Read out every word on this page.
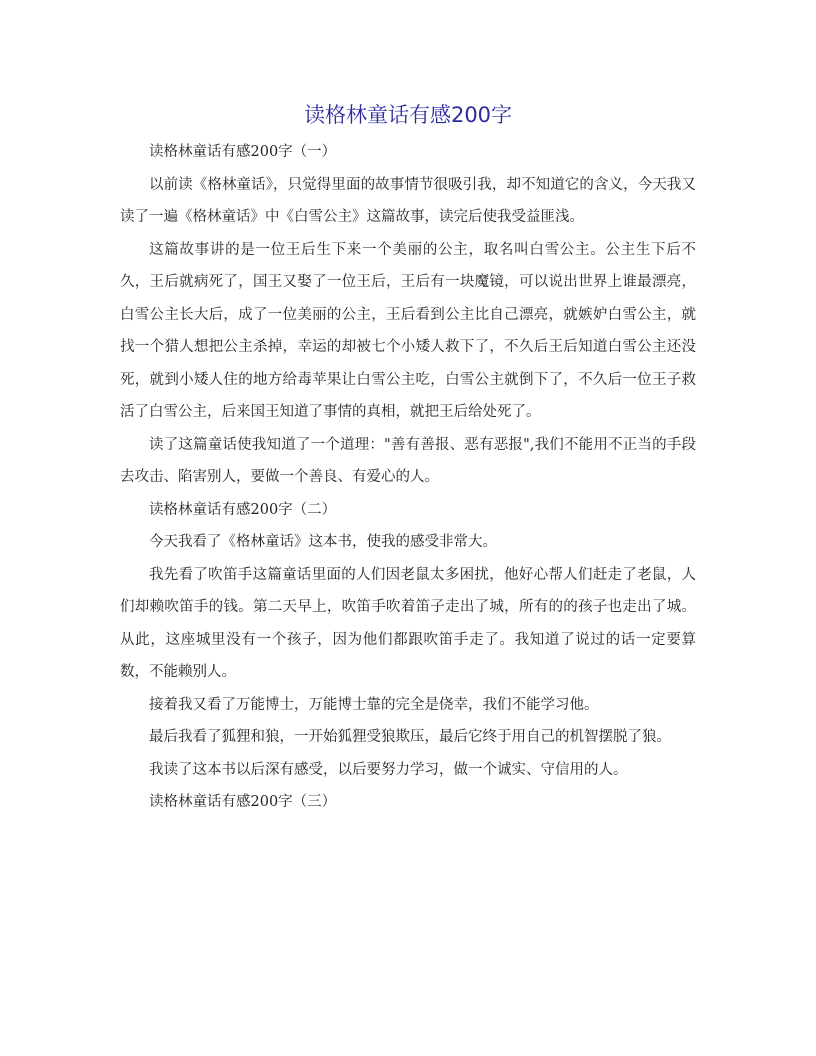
读格林童话有感200字

读格林童话有感200字（一）

以前读《格林童话》，只觉得里面的故事情节很吸引我，却不知道它的含义，今天我又读了一遍《格林童话》中《白雪公主》这篇故事，读完后使我受益匪浅。

这篇故事讲的是一位王后生下来一个美丽的公主，取名叫白雪公主。公主生下后不久，王后就病死了，国王又娶了一位王后，王后有一块魔镜，可以说出世界上谁最漂亮，白雪公主长大后，成了一位美丽的公主，王后看到公主比自己漂亮，就嫉妒白雪公主，就找一个猎人想把公主杀掉，幸运的却被七个小矮人救下了，不久后王后知道白雪公主还没死，就到小矮人住的地方给毒苹果让白雪公主吃，白雪公主就倒下了，不久后一位王子救活了白雪公主，后来国王知道了事情的真相，就把王后给处死了。

读了这篇童话使我知道了一个道理："善有善报、恶有恶报",我们不能用不正当的手段去攻击、陷害别人，要做一个善良、有爱心的人。

读格林童话有感200字（二）

今天我看了《格林童话》这本书，使我的感受非常大。

我先看了吹笛手这篇童话里面的人们因老鼠太多困扰，他好心帮人们赶走了老鼠，人们却赖吹笛手的钱。第二天早上，吹笛手吹着笛子走出了城，所有的的孩子也走出了城。从此，这座城里没有一个孩子，因为他们都跟吹笛手走了。我知道了说过的话一定要算数，不能赖别人。

接着我又看了万能博士，万能博士靠的完全是侥幸，我们不能学习他。

最后我看了狐狸和狼，一开始狐狸受狼欺压，最后它终于用自己的机智摆脱了狼。

我读了这本书以后深有感受，以后要努力学习，做一个诚实、守信用的人。

读格林童话有感200字（三）
